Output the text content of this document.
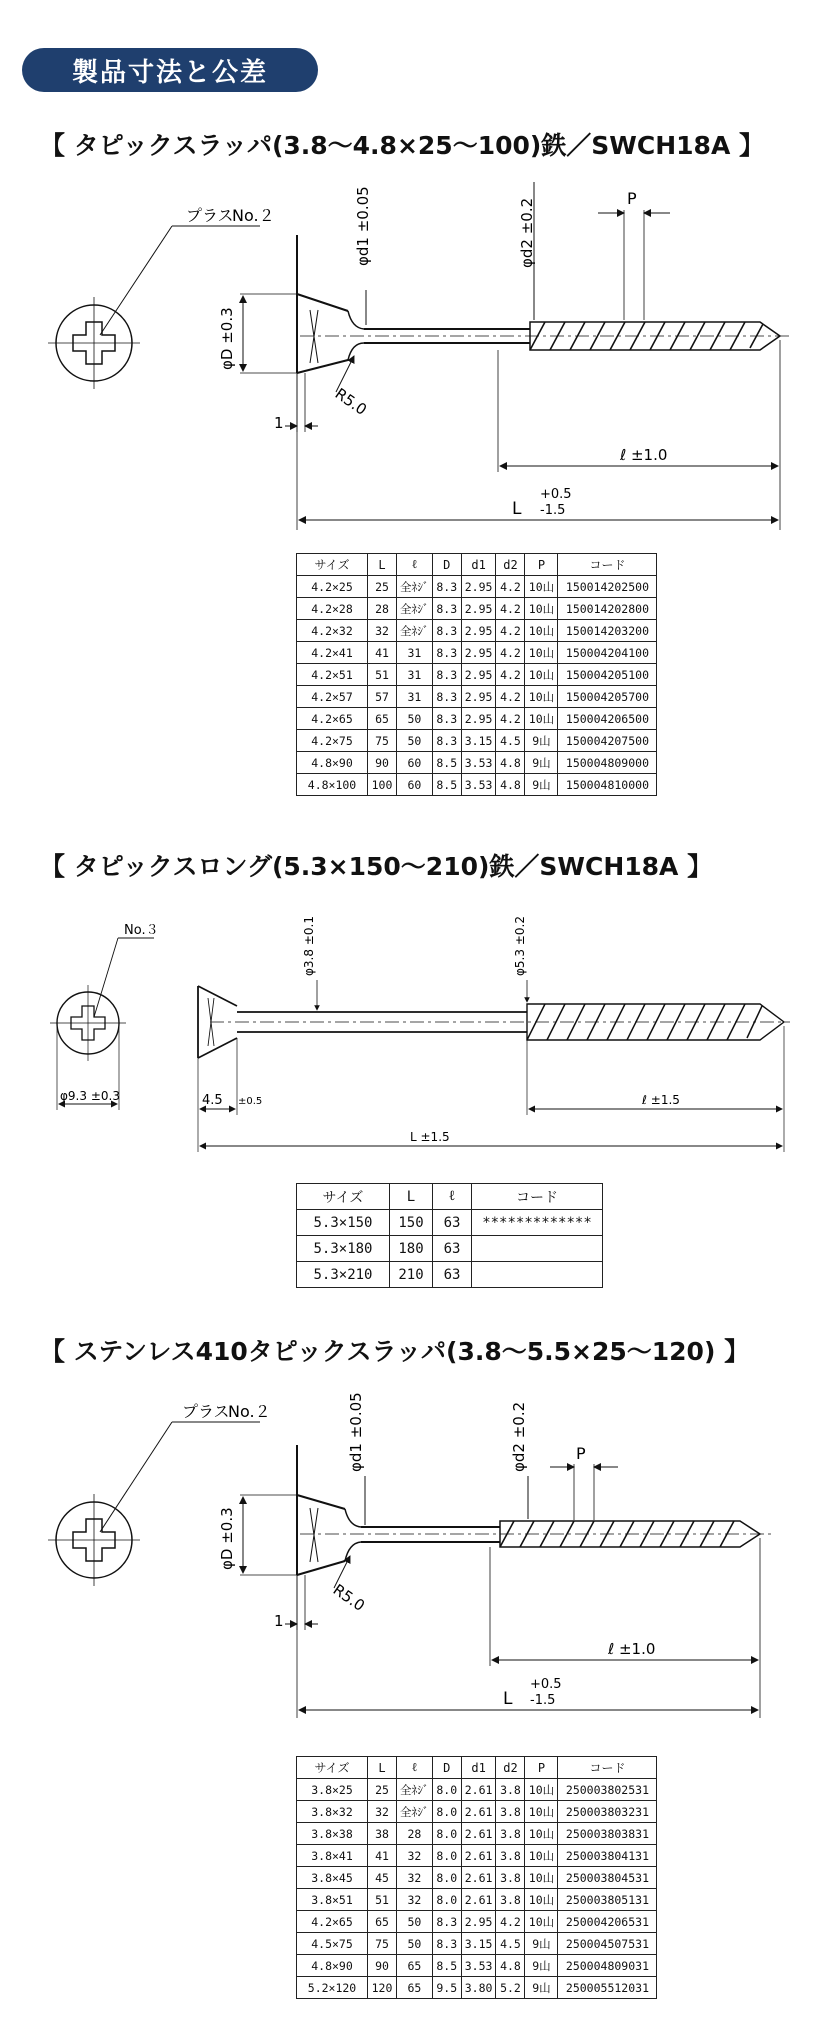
製品寸法と公差
【 タピックスラッパ(3.8～4.8×25～100)鉄／SWCH18A 】
プラス
No.２	φd1 ±0.05	φd2 ±0.2	P
φD ±0.3
R5.0
1
ℓ ±1.0
L
+0.5
-1.5
サイズ	L	ℓ	D	d1	d2	P	コード
4.2×25	25	全ﾈｼﾞ	8.3	2.95	4.2	10山	150014202500
4.2×28	28	全ﾈｼﾞ	8.3	2.95	4.2	10山	150014202800
4.2×32	32	全ﾈｼﾞ	8.3	2.95	4.2	10山	150014203200
4.2×41	41	31	8.3	2.95	4.2	10山	150004204100
4.2×51	51	31	8.3	2.95	4.2	10山	150004205100
4.2×57	57	31	8.3	2.95	4.2	10山	150004205700
4.2×65	65	50	8.3	2.95	4.2	10山	150004206500
4.2×75	75	50	8.3	3.15	4.5	9山	150004207500
4.8×90	90	60	8.5	3.53	4.8	9山	150004809000
4.8×100	100	60	8.5	3.53	4.8	9山	150004810000
【 タピックスロング(5.3×150～210)鉄／SWCH18A 】
No.３
φ9.3 ±0.3
φ3.8 ±0.1	φ5.3 ±0.2
4.5 ±0.5	ℓ ±1.5
L ±1.5
サイズ	L	ℓ	コード
5.3×150	150	63	*************
5.3×180	180	63	
5.3×210	210	63	
【 ステンレス410タピックスラッパ(3.8～5.5×25～120) 】
プラス
No.２	φd1 ±0.05	φd2 ±0.2	P
φD ±0.3
R5.0
1
ℓ ±1.0
L
+0.5
-1.5
サイズ	L	ℓ	D	d1	d2	P	コード
3.8×25	25	全ﾈｼﾞ	8.0	2.61	3.8	10山	250003802531
3.8×32	32	全ﾈｼﾞ	8.0	2.61	3.8	10山	250003803231
3.8×38	38	28	8.0	2.61	3.8	10山	250003803831
3.8×41	41	32	8.0	2.61	3.8	10山	250003804131
3.8×45	45	32	8.0	2.61	3.8	10山	250003804531
3.8×51	51	32	8.0	2.61	3.8	10山	250003805131
4.2×65	65	50	8.3	2.95	4.2	10山	250004206531
4.5×75	75	50	8.3	3.15	4.5	9山	250004507531
4.8×90	90	65	8.5	3.53	4.8	9山	250004809031
5.2×120	120	65	9.5	3.80	5.2	9山	250005512031
